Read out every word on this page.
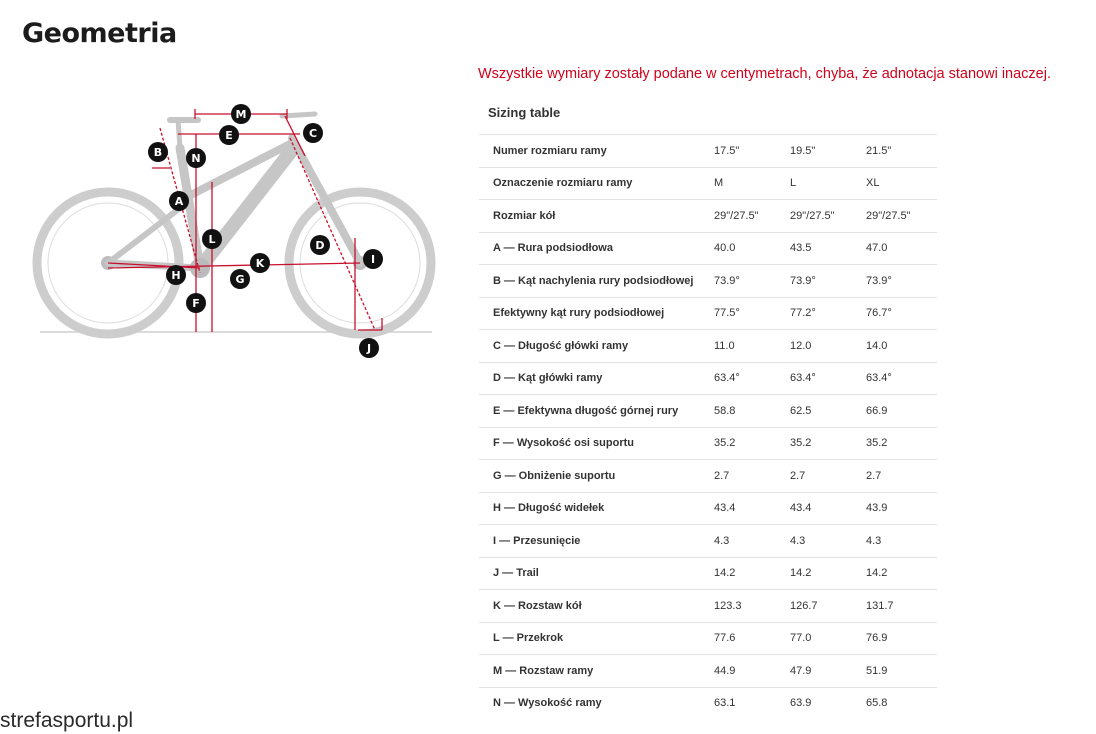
Geometria
Wszystkie wymiary zostały podane w centymetrach, chyba, że adnotacja stanowi inaczej.
M
E	C
B	N
A
L	D
K
H	G
I
F
J
Sizing table
Numer rozmiaru ramy	17.5"	19.5"	21.5"
Oznaczenie rozmiaru ramy	M	L	XL
Rozmiar kół	29"/27.5"	29"/27.5"	29"/27.5"
A — Rura podsiodłowa	40.0	43.5	47.0
B — Kąt nachylenia rury podsiodłowej	73.9°	73.9°	73.9°
Efektywny kąt rury podsiodłowej	77.5°	77.2°	76.7°
C — Długość główki ramy	11.0	12.0	14.0
D — Kąt główki ramy	63.4°	63.4°	63.4°
E — Efektywna długość górnej rury	58.8	62.5	66.9
F — Wysokość osi suportu	35.2	35.2	35.2
G — Obniżenie suportu	2.7	2.7	2.7
H — Długość widełek	43.4	43.4	43.9
I — Przesunięcie	4.3	4.3	4.3
J — Trail	14.2	14.2	14.2
K — Rozstaw kół	123.3	126.7	131.7
L — Przekrok	77.6	77.0	76.9
M — Rozstaw ramy	44.9	47.9	51.9
N — Wysokość ramy	63.1	63.9	65.8
strefasportu.pl
